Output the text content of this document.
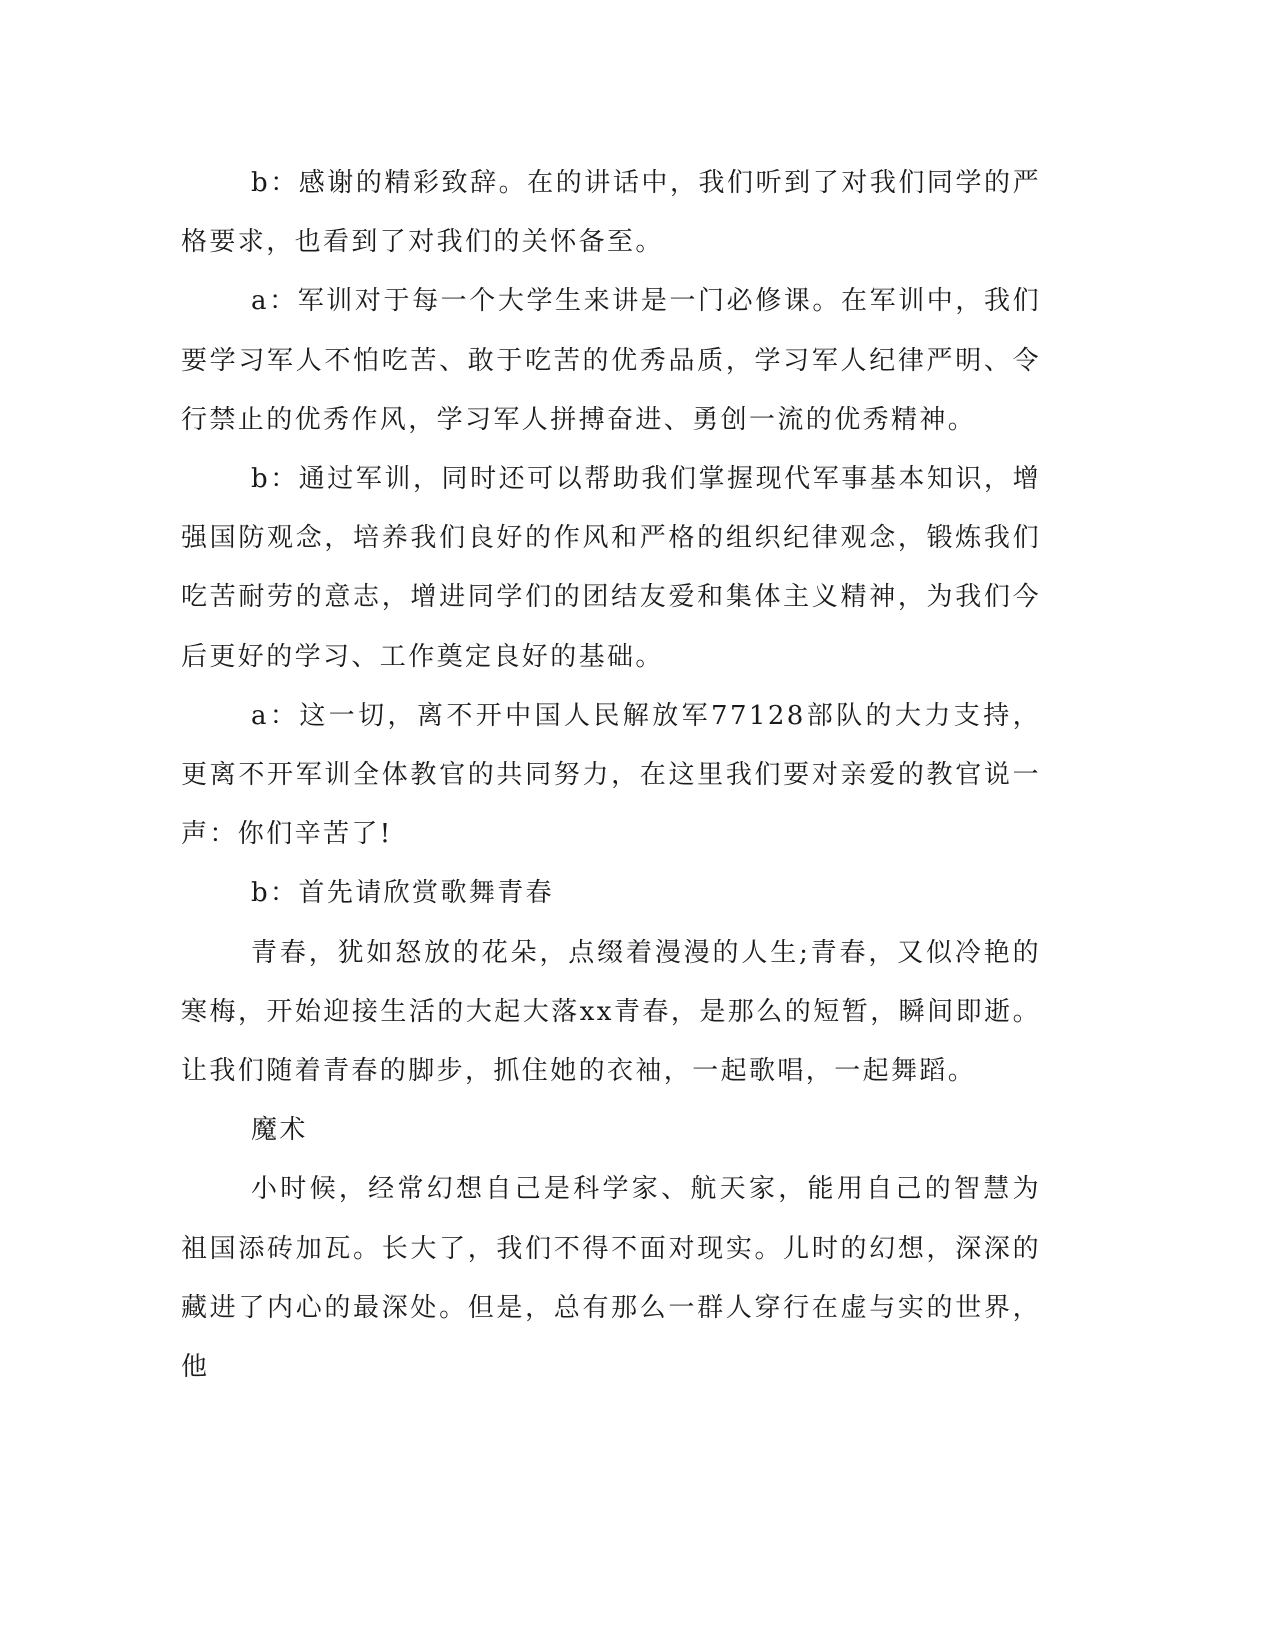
b：感谢的精彩致辞。在的讲话中，我们听到了对我们同学的严格要求，也看到了对我们的关怀备至。

a：军训对于每一个大学生来讲是一门必修课。在军训中，我们要学习军人不怕吃苦、敢于吃苦的优秀品质，学习军人纪律严明、令行禁止的优秀作风，学习军人拼搏奋进、勇创一流的优秀精神。

b：通过军训，同时还可以帮助我们掌握现代军事基本知识，增强国防观念，培养我们良好的作风和严格的组织纪律观念，锻炼我们吃苦耐劳的意志，增进同学们的团结友爱和集体主义精神，为我们今后更好的学习、工作奠定良好的基础。

a：这一切，离不开中国人民解放军77128部队的大力支持，更离不开军训全体教官的共同努力，在这里我们要对亲爱的教官说一声：你们辛苦了!

b：首先请欣赏歌舞青春

青春，犹如怒放的花朵，点缀着漫漫的人生;青春，又似冷艳的寒梅，开始迎接生活的大起大落xx青春，是那么的短暂，瞬间即逝。让我们随着青春的脚步，抓住她的衣袖，一起歌唱，一起舞蹈。

魔术

小时候，经常幻想自己是科学家、航天家，能用自己的智慧为祖国添砖加瓦。长大了，我们不得不面对现实。儿时的幻想，深深的藏进了内心的最深处。但是，总有那么一群人穿行在虚与实的世界，他
